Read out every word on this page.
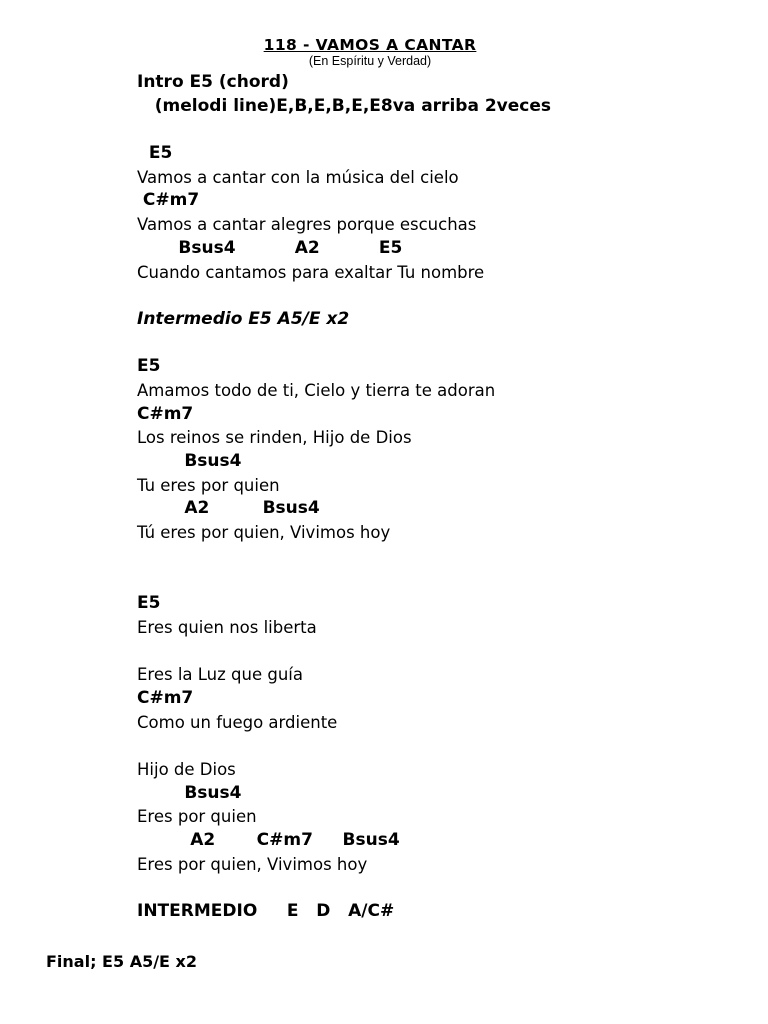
118 - VAMOS A CANTAR
(En Espíritu y Verdad)
Intro E5 (chord)
(melodi line)E,B,E,B,E,E8va arriba 2veces
E5
Vamos a cantar con la música del cielo
C#m7
Vamos a cantar alegres porque escuchas
Bsus4          A2          E5
Cuando cantamos para exaltar Tu nombre
Intermedio E5 A5/E x2
E5
Amamos todo de ti, Cielo y tierra te adoran
C#m7
Los reinos se rinden, Hijo de Dios
Bsus4
Tu eres por quien
A2         Bsus4
Tú eres por quien, Vivimos hoy
E5
Eres quien nos liberta
Eres la Luz que guía
C#m7
Como un fuego ardiente
Hijo de Dios
Bsus4
Eres por quien
A2       C#m7     Bsus4
Eres por quien, Vivimos hoy
INTERMEDIO     E   D   A/C#
Final; E5 A5/E x2
